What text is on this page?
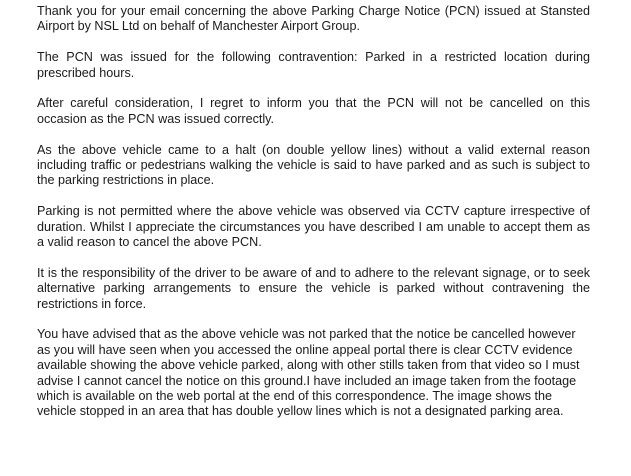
Thank you for your email concerning the above Parking Charge Notice (PCN) issued at Stansted Airport by NSL Ltd on behalf of Manchester Airport Group.

The PCN was issued for the following contravention: Parked in a restricted location during prescribed hours.

After careful consideration, I regret to inform you that the PCN will not be cancelled on this occasion as the PCN was issued correctly.

As the above vehicle came to a halt (on double yellow lines) without a valid external reason including traffic or pedestrians walking the vehicle is said to have parked and as such is subject to the parking restrictions in place.

Parking is not permitted where the above vehicle was observed via CCTV capture irrespective of duration. Whilst I appreciate the circumstances you have described I am unable to accept them as a valid reason to cancel the above PCN.

It is the responsibility of the driver to be aware of and to adhere to the relevant signage, or to seek alternative parking arrangements to ensure the vehicle is parked without contravening the restrictions in force.

You have advised that as the above vehicle was not parked that the notice be cancelled however as you will have seen when you accessed the online appeal portal there is clear CCTV evidence available showing the above vehicle parked, along with other stills taken from that video so I must advise I cannot cancel the notice on this ground.I have included an image taken from the footage which is available on the web portal at the end of this correspondence. The image shows the vehicle stopped in an area that has double yellow lines which is not a designated parking area.
